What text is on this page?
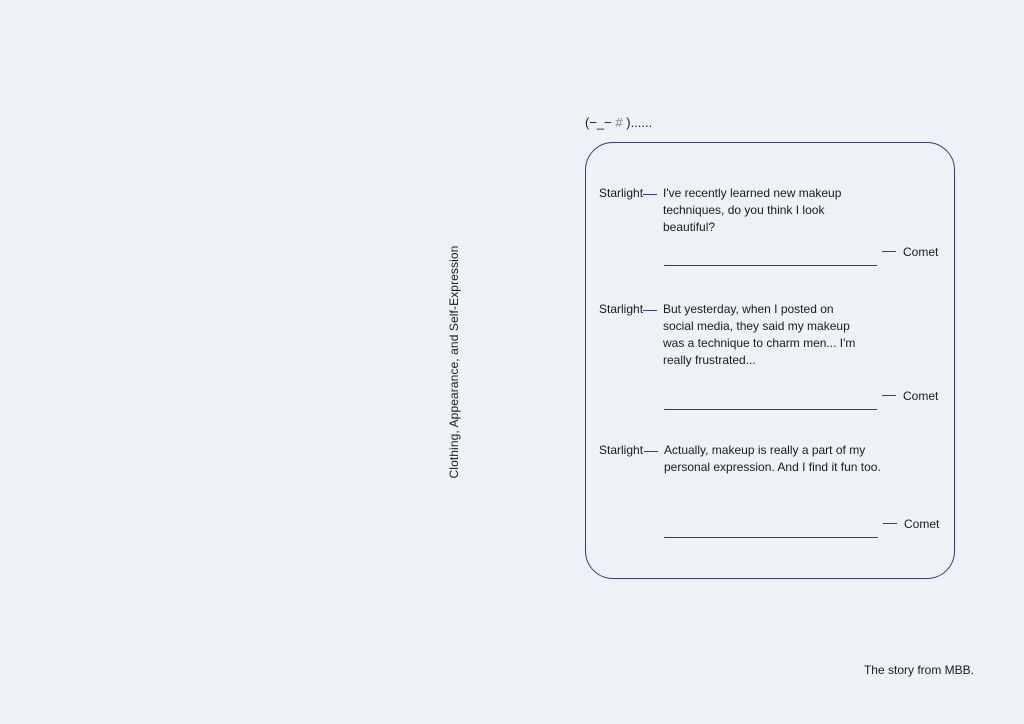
Clothing, Appearance, and Self-Expression
(−_− # )......
Starlight I've recently learned new makeup techniques, do you think I look beautiful?
Comet
Starlight But yesterday, when I posted on social media, they said my makeup was a technique to charm men... I'm really frustrated...
Comet
Starlight Actually, makeup is really a part of my personal expression. And I find it fun too.
Comet
The story from MBB.
